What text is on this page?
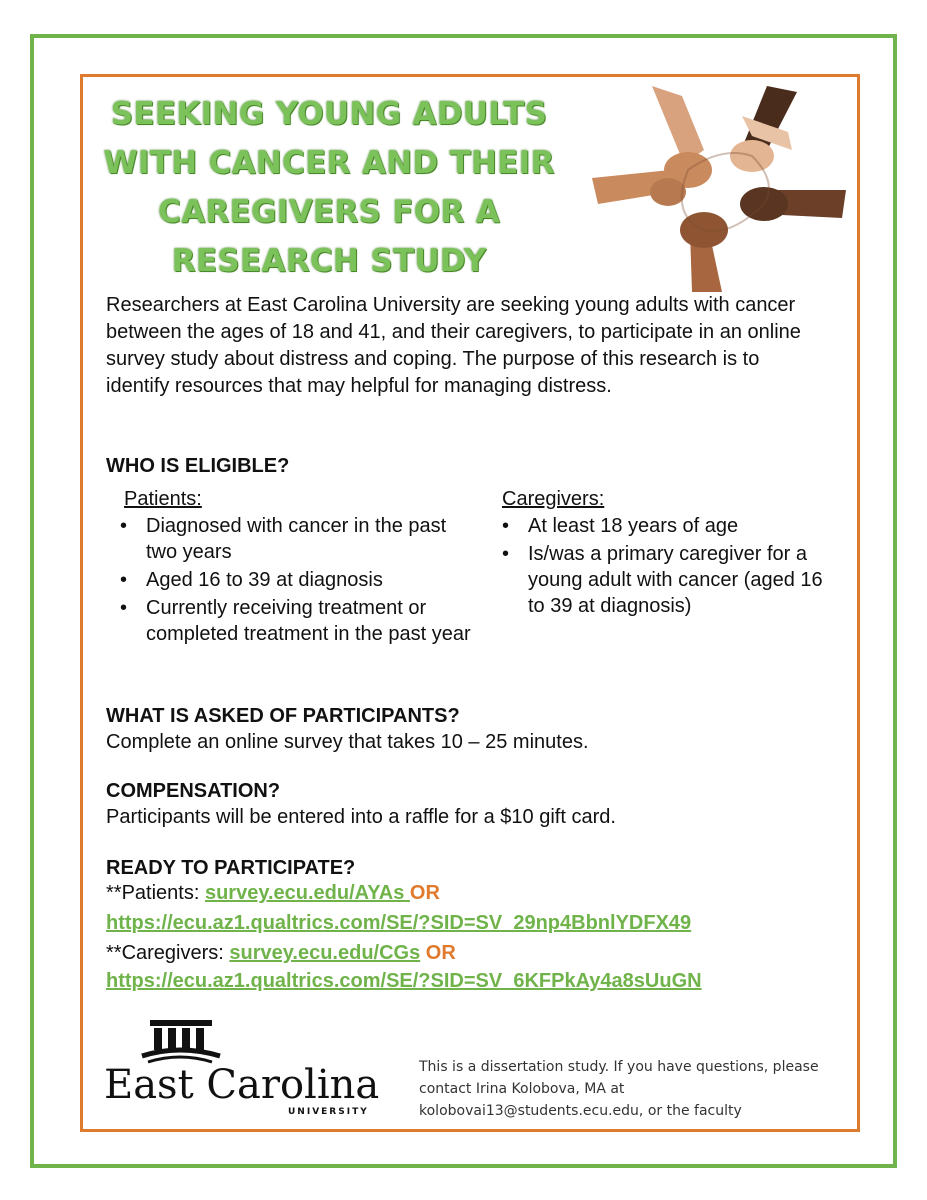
SEEKING YOUNG ADULTS
WITH CANCER AND THEIR
CAREGIVERS FOR A
RESEARCH STUDY

Researchers at East Carolina University are seeking young adults with cancer between the ages of 18 and 41, and their caregivers, to participate in an online survey study about distress and coping. The purpose of this research is to identify resources that may helpful for managing distress.

WHO IS ELIGIBLE?

Patients:

• Diagnosed with cancer in the past two years
• Aged 16 to 39 at diagnosis
• Currently receiving treatment or completed treatment in the past year

Caregivers:

• At least 18 years of age
• Is/was a primary caregiver for a young adult with cancer (aged 16 to 39 at diagnosis)
WHAT IS ASKED OF PARTICIPANTS?

Complete an online survey that takes 10 – 25 minutes.

COMPENSATION?

Participants will be entered into a raffle for a $10 gift card.

READY TO PARTICIPATE?

**Patients: survey.ecu.edu/AYAs OR

https://ecu.az1.qualtrics.com/SE/?SID=SV_29np4BbnlYDFX49

**Caregivers: survey.ecu.edu/CGs OR

https://ecu.az1.qualtrics.com/SE/?SID=SV_6KFPkAy4a8sUuGN

East Carolina
UNIVERSITY

This is a dissertation study. If you have questions, please contact Irina Kolobova, MA at kolobovai13@students.ecu.edu, or the faculty
